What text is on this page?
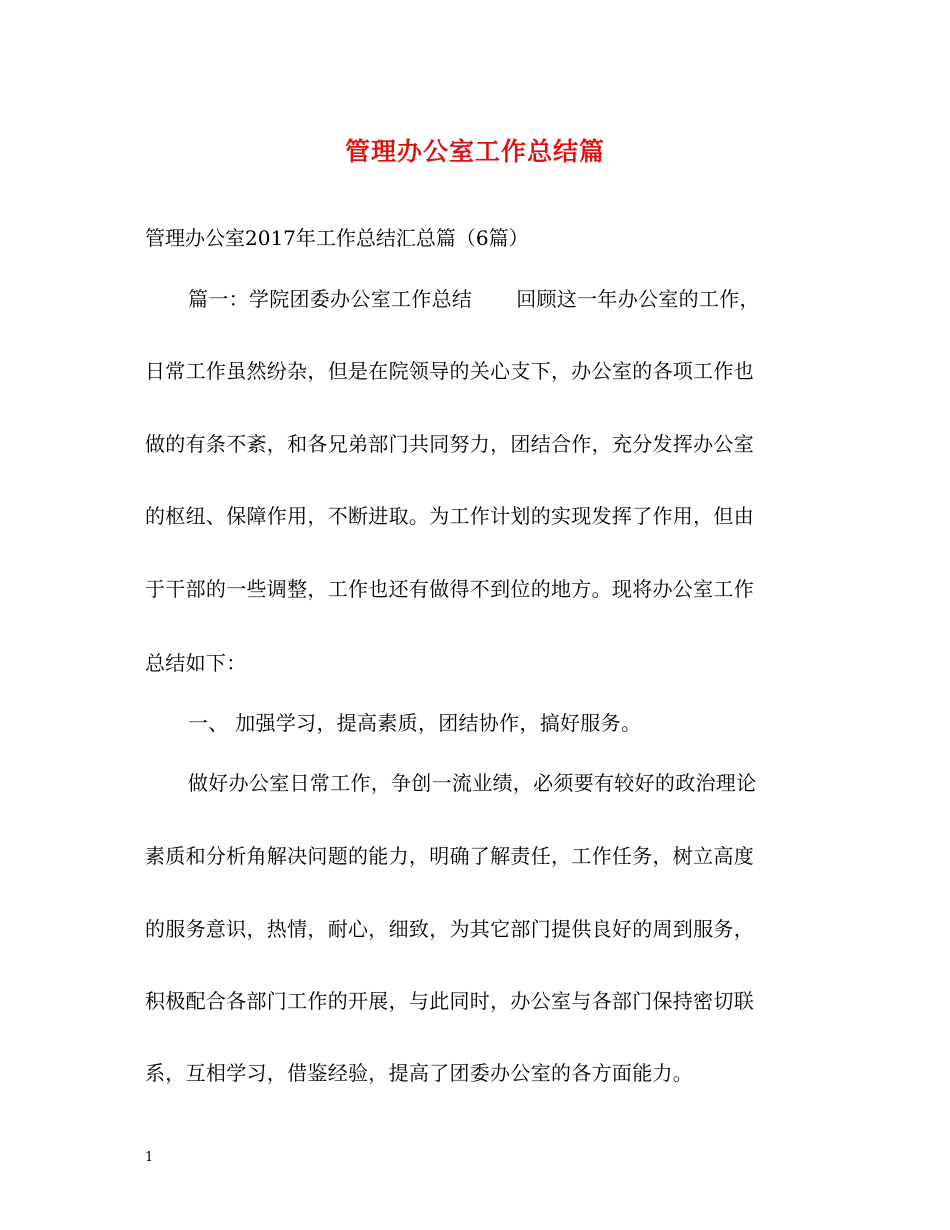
管理办公室工作总结篇

管理办公室2017年工作总结汇总篇（6篇）

篇一：学院团委办公室工作总结 回顾这一年办公室的工作，

日常工作虽然纷杂，但是在院领导的关心支下，办公室的各项工作也

做的有条不紊，和各兄弟部门共同努力，团结合作，充分发挥办公室

的枢纽、保障作用，不断进取。为工作计划的实现发挥了作用，但由

于干部的一些调整，工作也还有做得不到位的地方。现将办公室工作

总结如下：

一、 加强学习，提高素质，团结协作，搞好服务。

做好办公室日常工作，争创一流业绩，必须要有较好的政治理论

素质和分析角解决问题的能力，明确了解责任，工作任务，树立高度

的服务意识，热情，耐心，细致，为其它部门提供良好的周到服务，

积极配合各部门工作的开展，与此同时，办公室与各部门保持密切联

系，互相学习，借鉴经验，提高了团委办公室的各方面能力。

1
